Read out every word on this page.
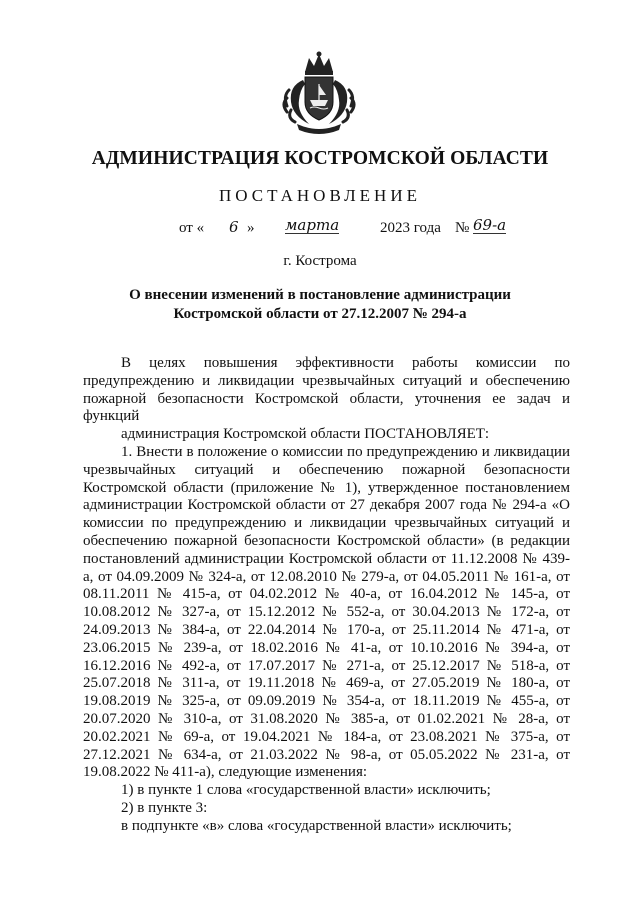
АДМИНИСТРАЦИЯ КОСТРОМСКОЙ ОБЛАСТИ
ПОСТАНОВЛЕНИЕ
от « 6 » марта	2023 года № 69-а
г. Кострома
О внесении изменений в постановление администрации
Костромской области от 27.12.2007 № 294-а

В целях повышения эффективности работы комиссии по предупреждению и ликвидации чрезвычайных ситуаций и обеспечению пожарной безопасности Костромской области, уточнения ее задач и функций

администрация Костромской области ПОСТАНОВЛЯЕТ:

1. Внести в положение о комиссии по предупреждению и ликвидации чрезвычайных ситуаций и обеспечению пожарной безопасности Костромской области (приложение № 1), утвержденное постановлением администрации Костромской области от 27 декабря 2007 года № 294-а «О комиссии по предупреждению и ликвидации чрезвычайных ситуаций и обеспечению пожарной безопасности Костромской области» (в редакции постановлений администрации Костромской области от 11.12.2008 № 439-а, от 04.09.2009 № 324-а, от 12.08.2010 № 279-а, от 04.05.2011 № 161-а, от 08.11.2011 № 415-а, от 04.02.2012 № 40-а, от 16.04.2012 № 145-а, от 10.08.2012 № 327-а, от 15.12.2012 № 552-а, от 30.04.2013 № 172-а, от 24.09.2013 № 384-а, от 22.04.2014 № 170-а, от 25.11.2014 № 471-а, от 23.06.2015 № 239-а, от 18.02.2016 № 41-а, от 10.10.2016 № 394-а, от 16.12.2016 № 492-а, от 17.07.2017 № 271-а, от 25.12.2017 № 518-а, от 25.07.2018 № 311-а, от 19.11.2018 № 469-а, от 27.05.2019 № 180-а, от 19.08.2019 № 325-а, от 09.09.2019 № 354-а, от 18.11.2019 № 455-а, от 20.07.2020 № 310-а, от 31.08.2020 № 385-а, от 01.02.2021 № 28-а, от 20.02.2021 № 69-а, от 19.04.2021 № 184-а, от 23.08.2021 № 375-а, от 27.12.2021 № 634-а, от 21.03.2022 № 98-а, от 05.05.2022 № 231-а, от 19.08.2022 № 411-а), следующие изменения:

1) в пункте 1 слова «государственной власти» исключить;

2) в пункте 3:

в подпункте «в» слова «государственной власти» исключить;
